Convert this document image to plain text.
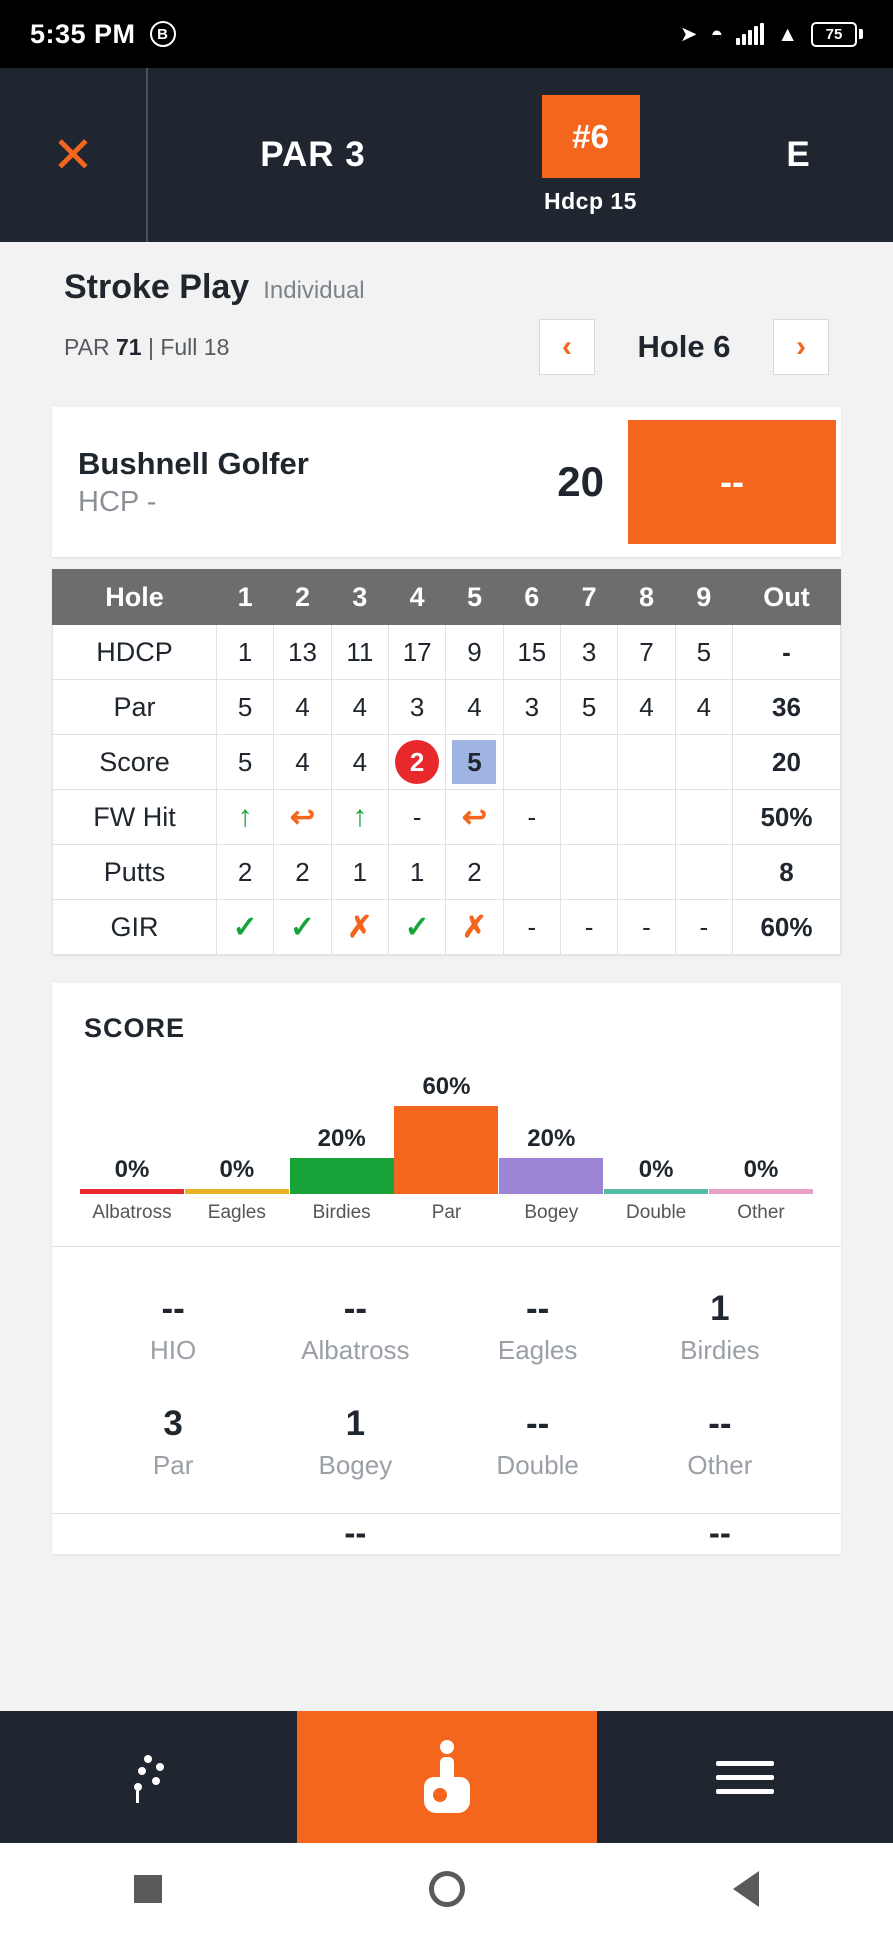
5:35 PM	B	➤ ◓	▲	75
✕	PAR 3	#6
Hdcp 15
E
Stroke Play Individual
PAR 71 | Full 18	‹	Hole 6	›
Bushnell Golfer
HCP -	20	--
Hole	1	2	3	4	5	6	7	8	9	Out
HDCP	1	13	11	17	9	15	3	7	5	-
Par	5	4	4	3	4	3	5	4	4	36
Score	5	4	4	2	5					20
FW Hit	↑	↩	↑	-	↩	-				50%
Putts	2	2	1	1	2					8
GIR	✓	✓	✗	✓	✗	-	-	-	-	60%
SCORE
0%	0%
20%
60%
20%
0%	0%
Albatross	Eagles	Birdies	Par	Bogey	Double	Other
--
HIO
--
Albatross
--
Eagles
1
Birdies
3
Par
1
Bogey
--
Double
--
Other
--	--
